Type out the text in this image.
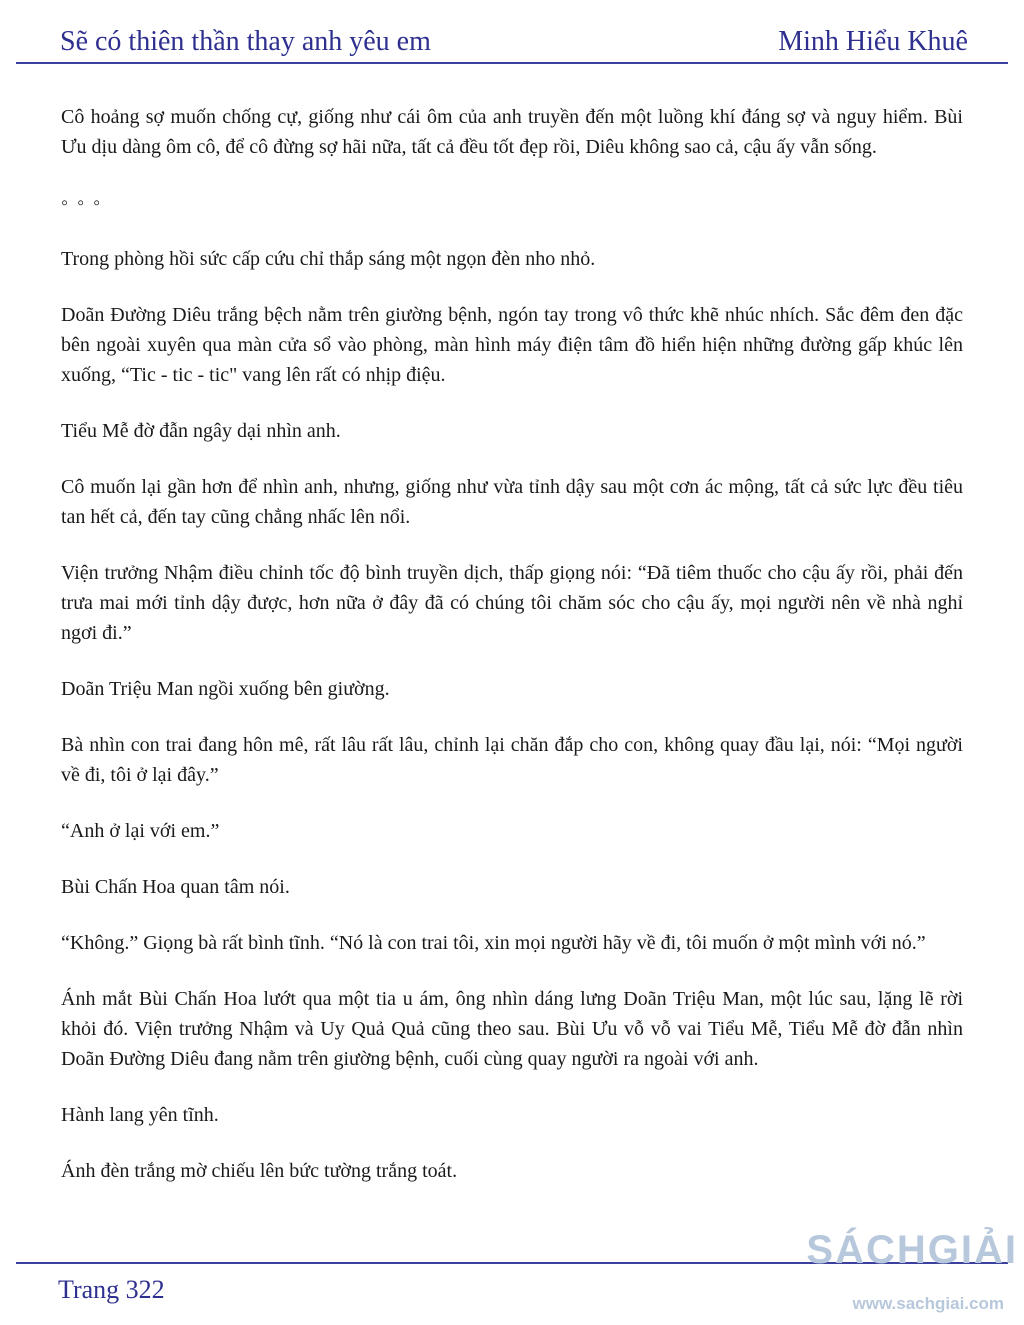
Sẽ có thiên thần thay anh yêu em	Minh Hiểu Khuê

Cô hoảng sợ muốn chống cự, giống như cái ôm của anh truyền đến một luồng khí đáng sợ và nguy hiểm. Bùi Ưu dịu dàng ôm cô, để cô đừng sợ hãi nữa, tất cả đều tốt đẹp rồi, Diêu không sao cả, cậu ấy vẫn sống.

◦ ◦ ◦

Trong phòng hồi sức cấp cứu chỉ thắp sáng một ngọn đèn nho nhỏ.

Doãn Đường Diêu trắng bệch nằm trên giường bệnh, ngón tay trong vô thức khẽ nhúc nhích. Sắc đêm đen đặc bên ngoài xuyên qua màn cửa sổ vào phòng, màn hình máy điện tâm đồ hiển hiện những đường gấp khúc lên xuống, “Tic - tic - tic" vang lên rất có nhịp điệu.

Tiểu Mễ đờ đẫn ngây dại nhìn anh.

Cô muốn lại gần hơn để nhìn anh, nhưng, giống như vừa tỉnh dậy sau một cơn ác mộng, tất cả sức lực đều tiêu tan hết cả, đến tay cũng chẳng nhấc lên nổi.

Viện trưởng Nhậm điều chỉnh tốc độ bình truyền dịch, thấp giọng nói: “Đã tiêm thuốc cho cậu ấy rồi, phải đến trưa mai mới tỉnh dậy được, hơn nữa ở đây đã có chúng tôi chăm sóc cho cậu ấy, mọi người nên về nhà nghỉ ngơi đi.”

Doãn Triệu Man ngồi xuống bên giường.

Bà nhìn con trai đang hôn mê, rất lâu rất lâu, chỉnh lại chăn đắp cho con, không quay đầu lại, nói: “Mọi người về đi, tôi ở lại đây.”

“Anh ở lại với em.”

Bùi Chấn Hoa quan tâm nói.

“Không.” Giọng bà rất bình tĩnh. “Nó là con trai tôi, xin mọi người hãy về đi, tôi muốn ở một mình với nó.”

Ánh mắt Bùi Chấn Hoa lướt qua một tia u ám, ông nhìn dáng lưng Doãn Triệu Man, một lúc sau, lặng lẽ rời khỏi đó. Viện trưởng Nhậm và Uy Quả Quả cũng theo sau. Bùi Ưu vỗ vỗ vai Tiểu Mễ, Tiểu Mễ đờ đẫn nhìn Doãn Đường Diêu đang nằm trên giường bệnh, cuối cùng quay người ra ngoài với anh.

Hành lang yên tĩnh.

Ánh đèn trắng mờ chiếu lên bức tường trắng toát.

Trang 322
SÁCHGIẢI
www.sachgiai.com
